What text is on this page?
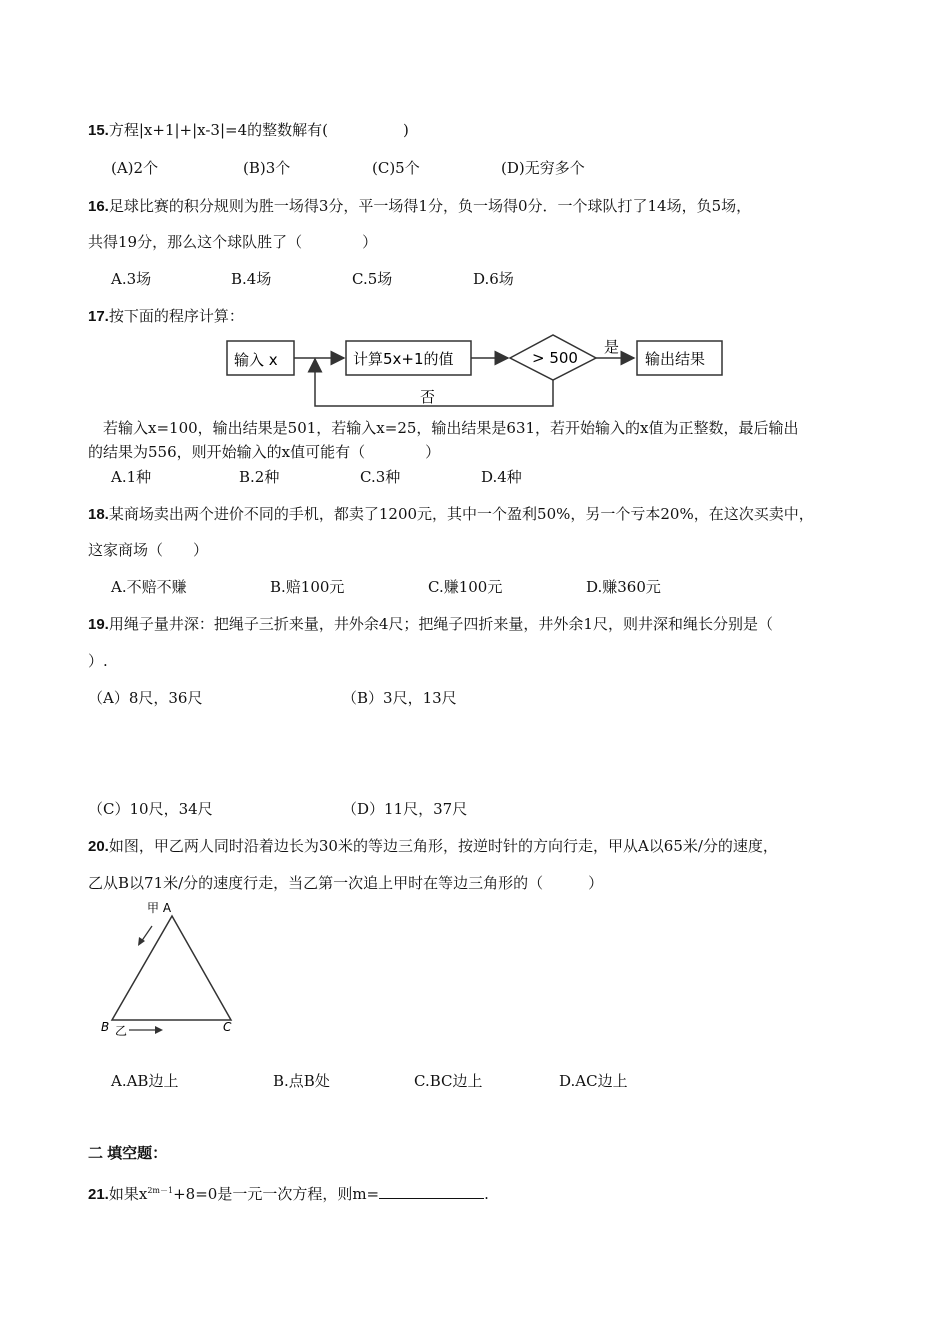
15.方程|x+1|+|x-3|=4的整数解有(　　　　　)
(A)2个	(B)3个	(C)5个	(D)无穷多个
16.足球比赛的积分规则为胜一场得3分，平一场得1分，负一场得0分．一个球队打了14场，负5场，
共得19分，那么这个球队胜了（　　　　）
A.3场	B.4场	C.5场	D.6场
17.按下面的程序计算：
输入 x	计算5x+1的值	> 500
是
输出结果
否
　若输入x=100，输出结果是501，若输入x=25，输出结果是631，若开始输入的x值为正整数，最后输出
的结果为556，则开始输入的x值可能有（　　　　）
A.1种	B.2种	C.3种	D.4种
18.某商场卖出两个进价不同的手机，都卖了1200元，其中一个盈利50%，另一个亏本20%，在这次买卖中，
这家商场（　　）
A.不赔不赚	B.赔100元	C.赚100元	D.赚360元
19.用绳子量井深：把绳子三折来量，井外余4尺；把绳子四折来量，井外余1尺，则井深和绳长分别是（
）.
（A）8尺，36尺	（B）3尺，13尺
（C）10尺，34尺	（D）11尺，37尺
20.如图，甲乙两人同时沿着边长为30米的等边三角形，按逆时针的方向行走，甲从A以65米/分的速度，
乙从B以71米/分的速度行走，当乙第一次追上甲时在等边三角形的（　　　）
甲 A
B	C
乙
A.AB边上	B.点B处	C.BC边上	D.AC边上
二 填空题：
21.如果$x^{2m-1}+8=0$是一元一次方程，则m=	.
